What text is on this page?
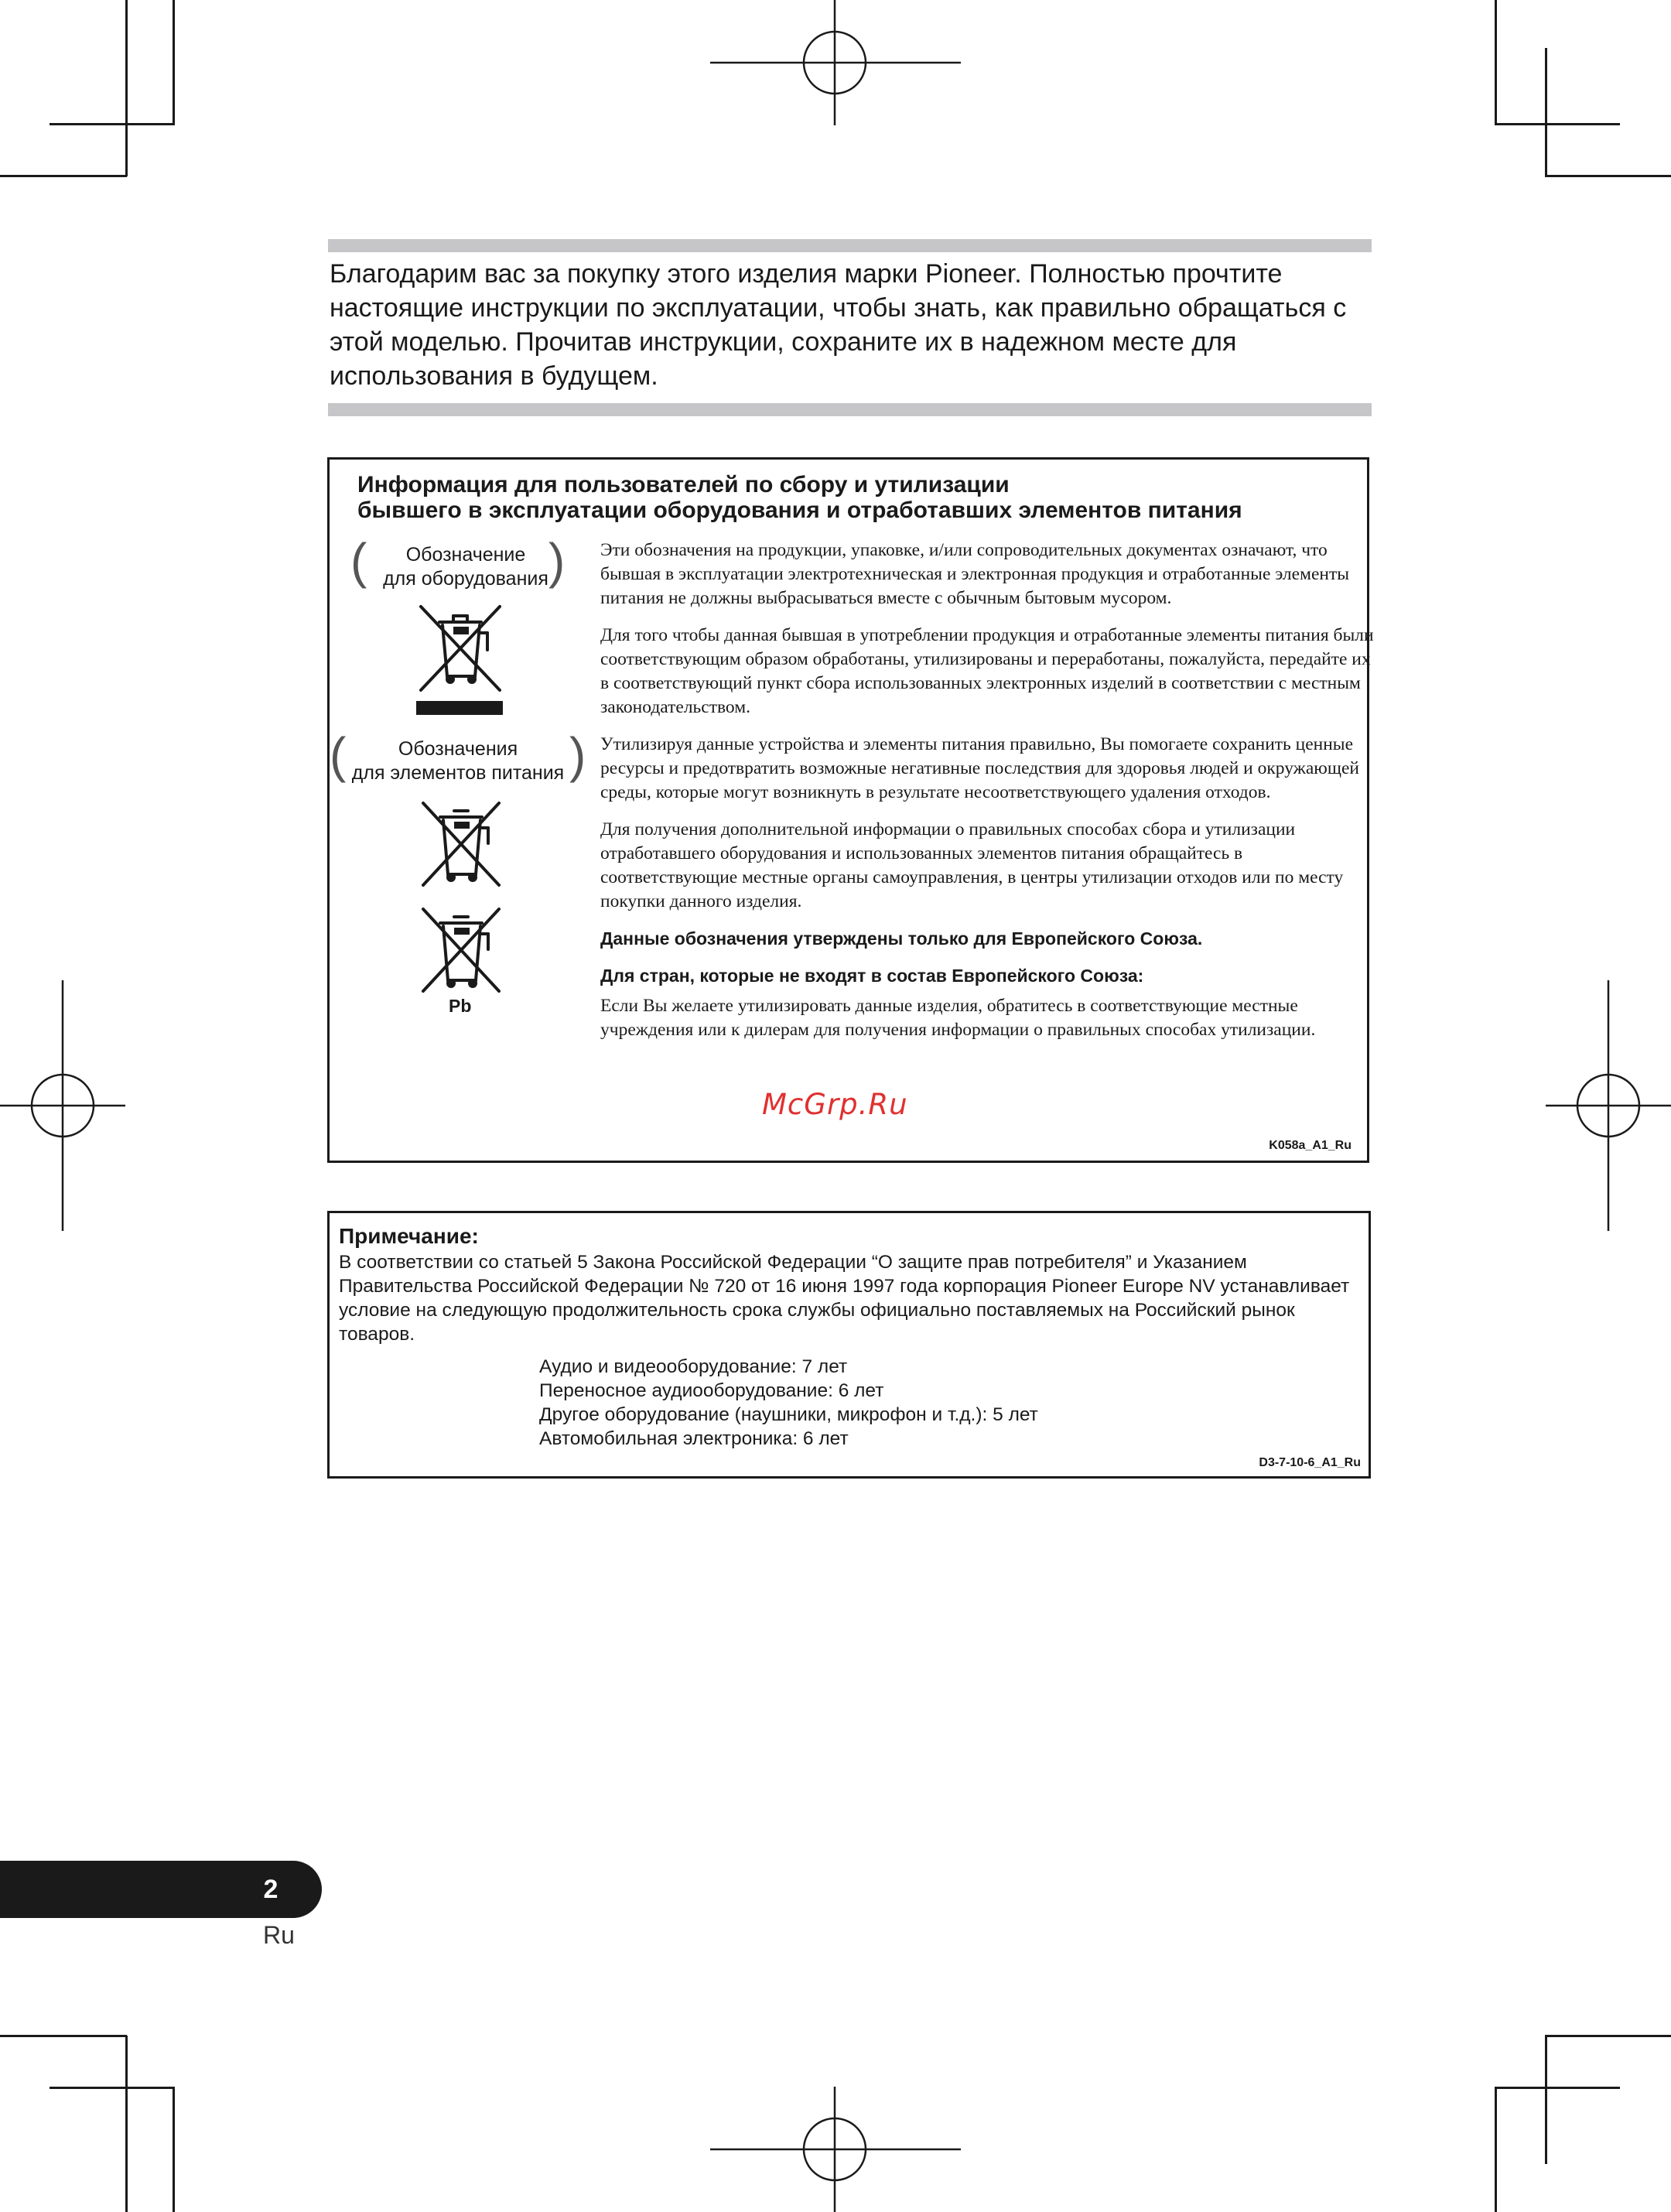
Благодарим вас за покупку этого изделия марки Pioneer. Полностью прочтите
настоящие инструкции по эксплуатации, чтобы знать, как правильно обращаться с
этой моделью. Прочитав инструкции, сохраните их в надежном месте для
использования в будущем.
Информация для пользователей по сбору и утилизации
бывшего в эксплуатации оборудования и отработавших элементов питания
(	Обозначение
для оборудования )
(	Обозначения
для элементов питания )
Pb

Эти обозначения на продукции, упаковке, и/или сопроводительных документах означают, что бывшая в эксплуатации электротехническая и электронная продукция и отработанные элементы питания не должны выбрасываться вместе с обычным бытовым мусором.

Для того чтобы данная бывшая в употреблении продукция и отработанные элементы питания были соответствующим образом обработаны, утилизированы и переработаны, пожалуйста, передайте их в соответствующий пункт сбора использованных электронных изделий в соответствии с местным законодательством.

Утилизируя данные устройства и элементы питания правильно, Вы помогаете сохранить ценные ресурсы и предотвратить возможные негативные последствия для здоровья людей и окружающей среды, которые могут возникнуть в результате несоответствующего удаления отходов.

Для получения дополнительной информации о правильных способах сбора и утилизации отработавшего оборудования и использованных элементов питания обращайтесь в соответствующие местные органы самоуправления, в центры утилизации отходов или по месту покупки данного изделия.

Данные обозначения утверждены только для Европейского Союза.

Для стран, которые не входят в состав Европейского Союза:

Если Вы желаете утилизировать данные изделия, обратитесь в соответствующие местные учреждения или к дилерам для получения информации о правильных способах утилизации.

K058a_A1_Ru
McGrp.Ru
Примечание:
В соответствии со статьей 5 Закона Российской Федерации “О защите прав потребителя” и Указанием Правительства Российской Федерации № 720 от 16 июня 1997 года корпорация Pioneer Europe NV устанавливает условие на следующую продолжительность срока службы официально поставляемых на Российский рынок товаров.
Аудио и видеооборудование: 7 лет
Переносное аудиооборудование: 6 лет
Другое оборудование (наушники, микрофон и т.д.): 5 лет
Автомобильная электроника: 6 лет
D3-7-10-6_A1_Ru
2
Ru
